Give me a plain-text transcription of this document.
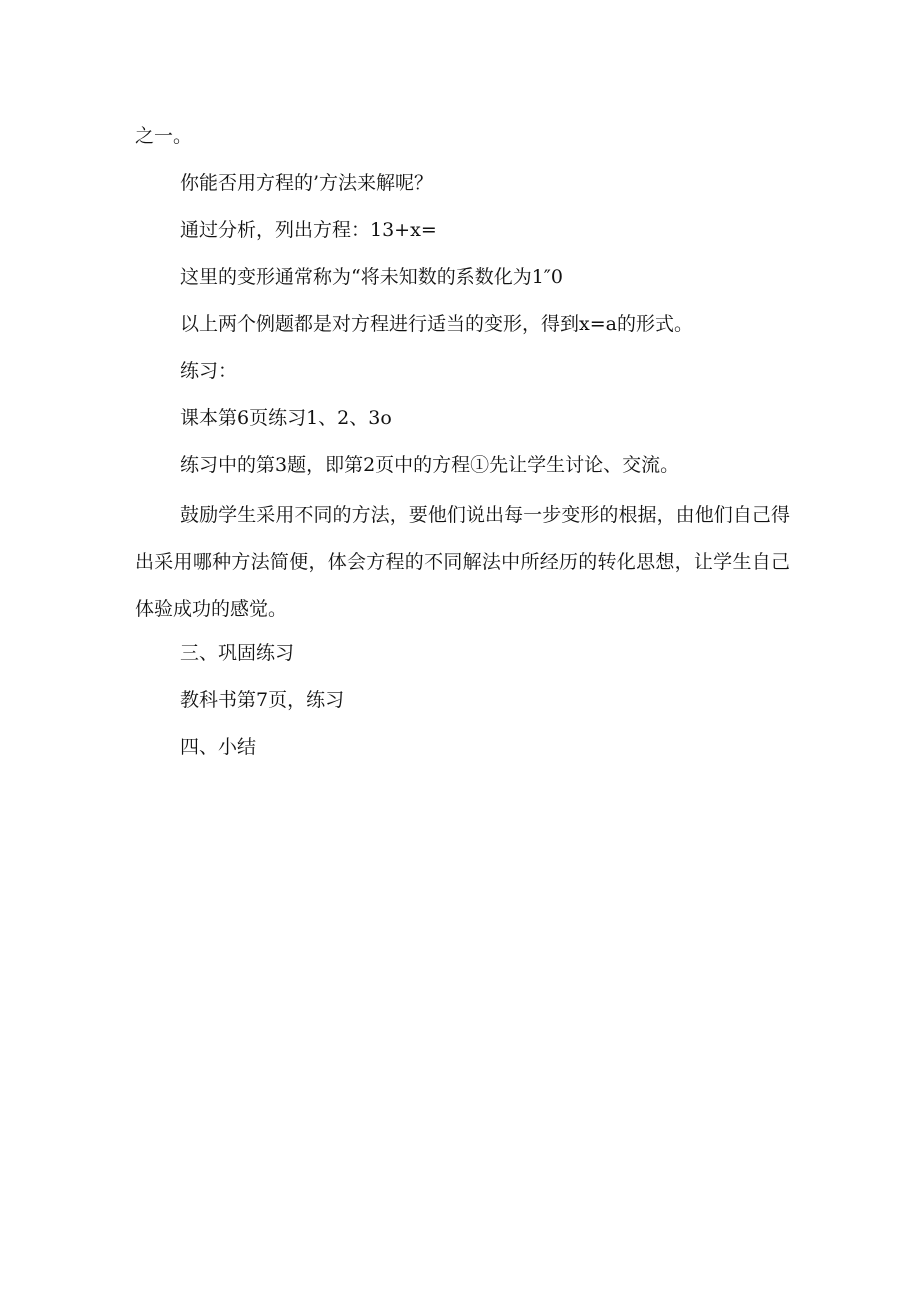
之一。
你能否用方程的’方法来解呢？
通过分析，列出方程：13+x=
这里的变形通常称为“将未知数的系数化为1″0
以上两个例题都是对方程进行适当的变形，得到x=a的形式。
练习：
课本第6页练习1、2、3o
练习中的第3题，即第2页中的方程①先让学生讨论、交流。
鼓励学生采用不同的方法，要他们说出每一步变形的根据，由他们自己得出采用哪种方法简便，体会方程的不同解法中所经历的转化思想，让学生自己体验成功的感觉。
三、巩固练习
教科书第7页，练习
四、小结
